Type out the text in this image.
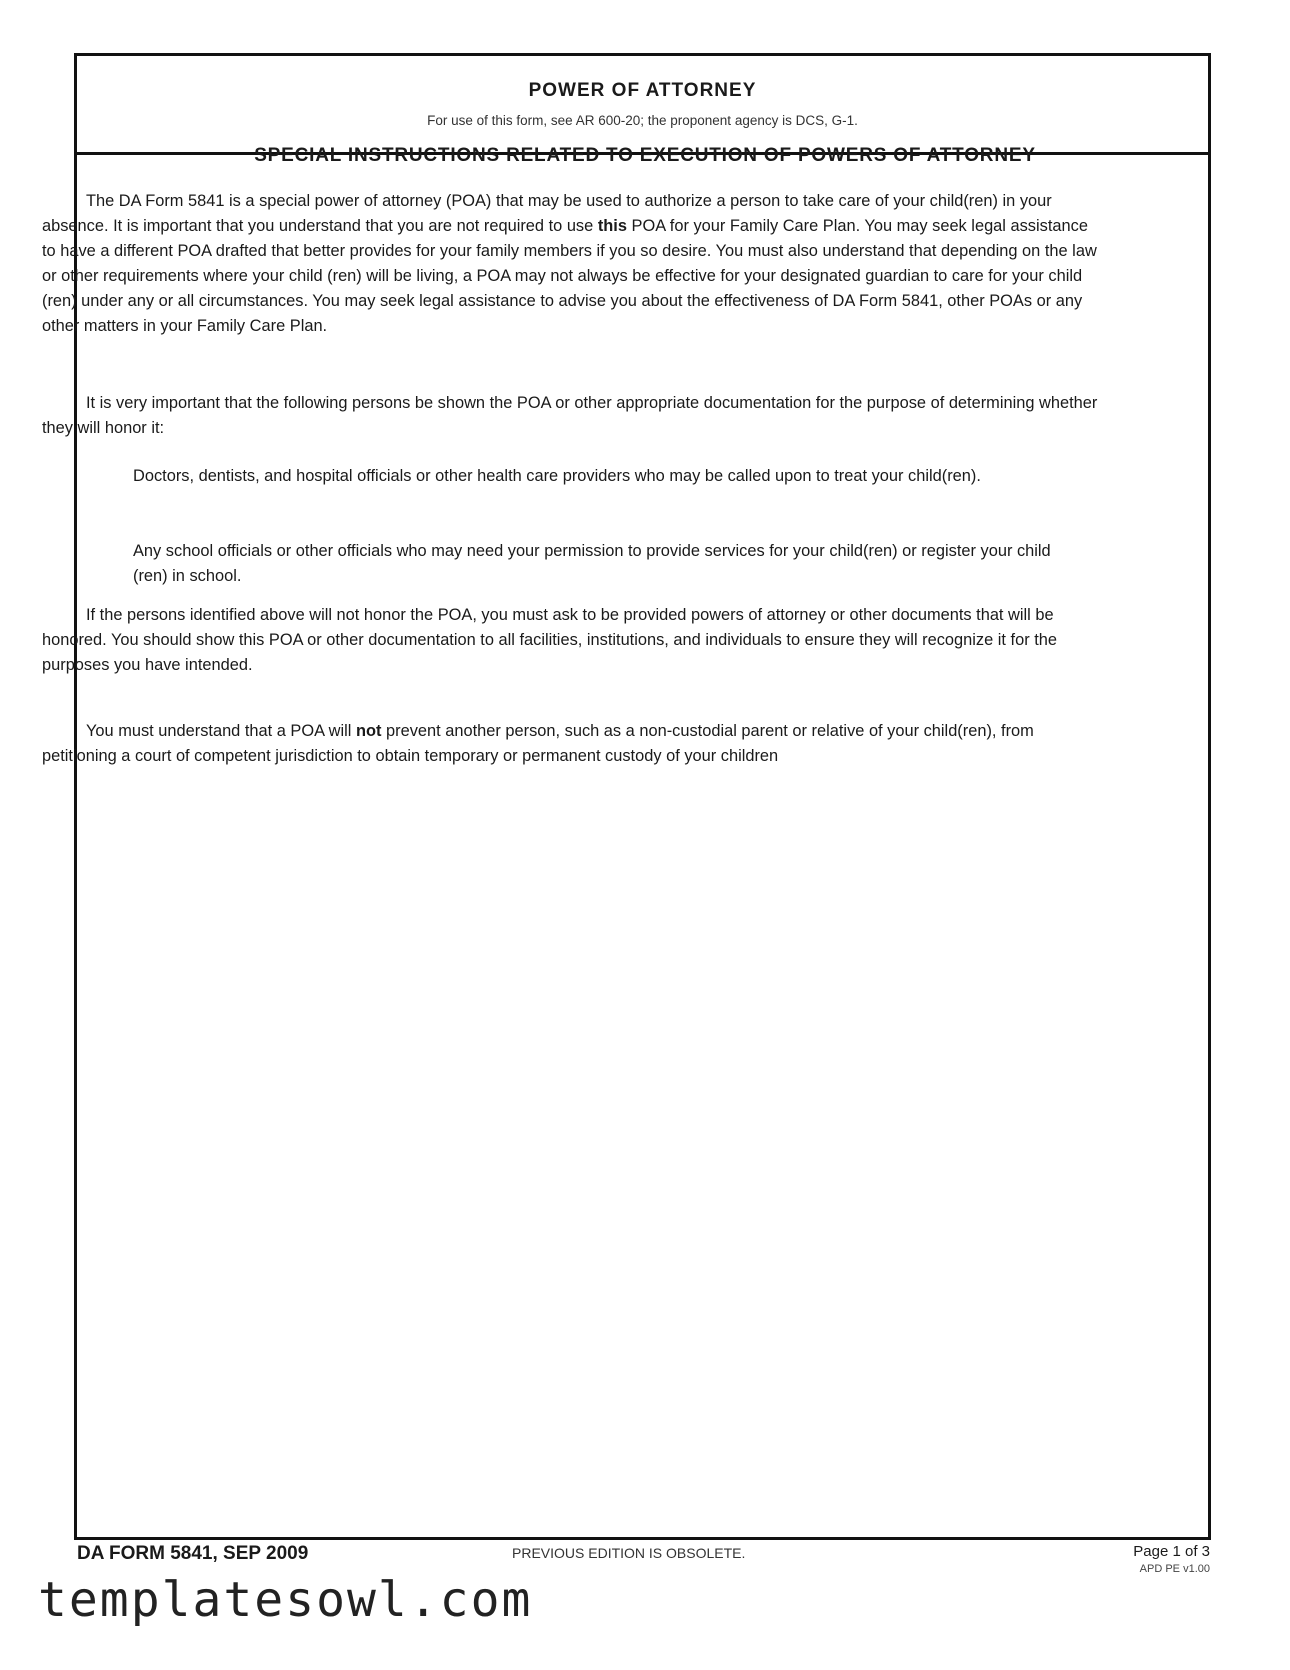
POWER OF ATTORNEY
For use of this form, see AR 600-20; the proponent agency is DCS, G-1.
SPECIAL INSTRUCTIONS RELATED TO EXECUTION OF POWERS OF ATTORNEY

The DA Form 5841 is a special power of attorney (POA) that may be used to authorize a person to take care of your child(ren) in your absence. It is important that you understand that you are not required to use this POA for your Family Care Plan. You may seek legal assistance to have a different POA drafted that better provides for your family members if you so desire. You must also understand that depending on the law or other requirements where your child (ren) will be living, a POA may not always be effective for your designated guardian to care for your child (ren) under any or all circumstances. You may seek legal assistance to advise you about the effectiveness of DA Form 5841, other POAs or any other matters in your Family Care Plan.

It is very important that the following persons be shown the POA or other appropriate documentation for the purpose of determining whether they will honor it:

Doctors, dentists, and hospital officials or other health care providers who may be called upon to treat your child(ren).

Any school officials or other officials who may need your permission to provide services for your child(ren) or register your child (ren) in school.

If the persons identified above will not honor the POA, you must ask to be provided powers of attorney or other documents that will be honored. You should show this POA or other documentation to all facilities, institutions, and individuals to ensure they will recognize it for the purposes you have intended.

You must understand that a POA will not prevent another person, such as a non-custodial parent or relative of your child(ren), from petitioning a court of competent jurisdiction to obtain temporary or permanent custody of your children

DA FORM 5841, SEP 2009	PREVIOUS EDITION IS OBSOLETE.	Page 1 of 3
APD PE v1.00
templatesowl.com
